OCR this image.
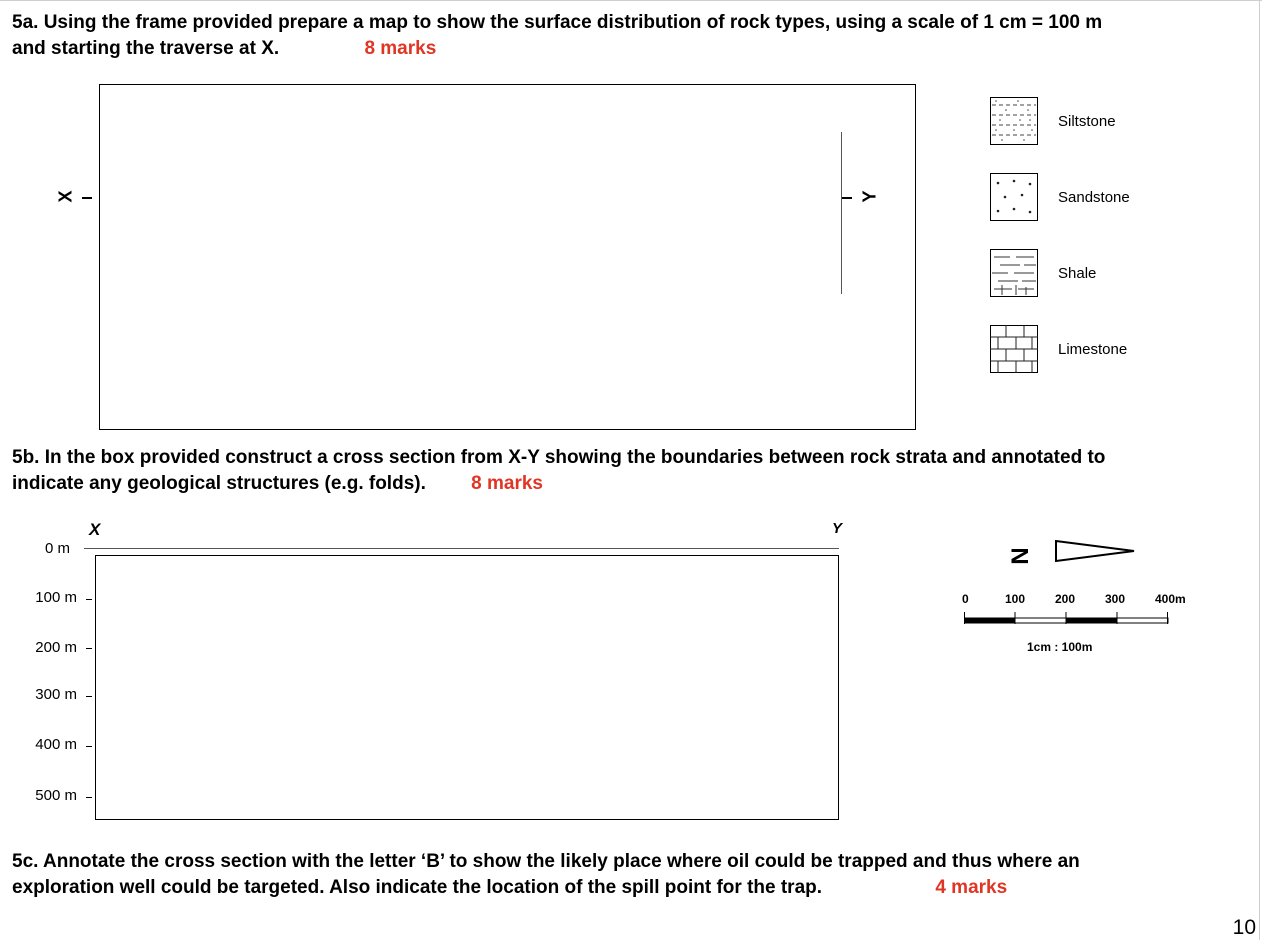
5a. Using the frame provided prepare a map to show the surface distribution of rock types, using a scale of 1 cm = 100 m
and starting the traverse at X.	8 marks
X	Y
Siltstone
Sandstone
Shale
Limestone
5b. In the box provided construct a cross section from X-Y showing the boundaries between rock strata and annotated to
indicate any geological structures (e.g. folds). 8 marks
X	Y
0 m
100 m
200 m
300 m
400 m
500 m
N
0	100 200 300 400m
1cm : 100m
5c. Annotate the cross section with the letter ‘B’ to show the likely place where oil could be trapped and thus where an
exploration well could be targeted. Also indicate the location of the spill point for the trap.	4 marks
10
